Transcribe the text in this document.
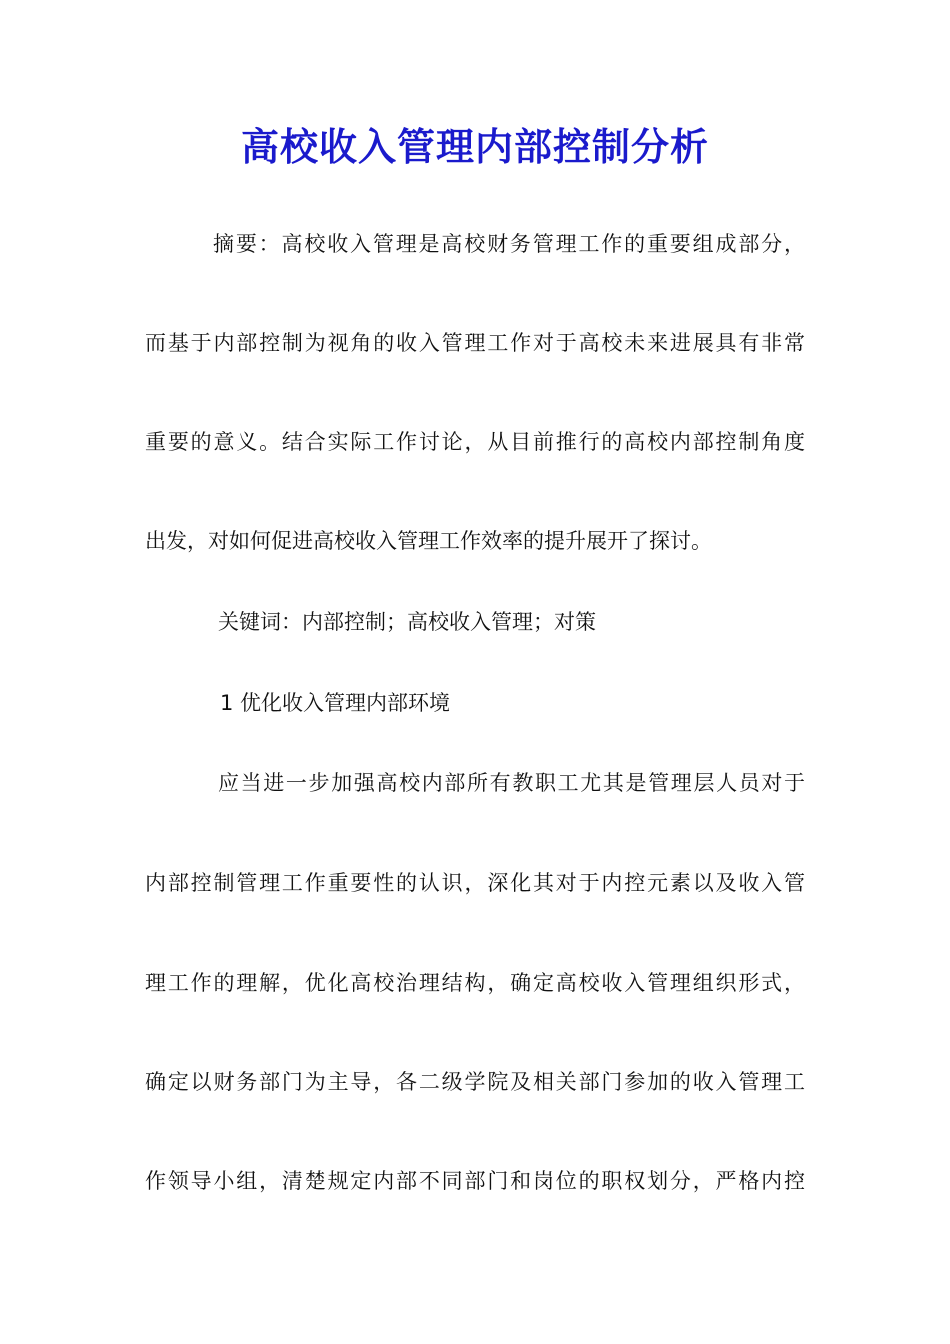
高校收入管理内部控制分析
摘要：高校收入管理是高校财务管理工作的重要组成部分，
而基于内部控制为视角的收入管理工作对于高校未来进展具有非常
重要的意义。结合实际工作讨论，从目前推行的高校内部控制角度
出发，对如何促进高校收入管理工作效率的提升展开了探讨。
关键词：内部控制；高校收入管理；对策
1 优化收入管理内部环境
应当进一步加强高校内部所有教职工尤其是管理层人员对于
内部控制管理工作重要性的认识，深化其对于内控元素以及收入管
理工作的理解，优化高校治理结构，确定高校收入管理组织形式，
确定以财务部门为主导，各二级学院及相关部门参加的收入管理工
作领导小组，清楚规定内部不同部门和岗位的职权划分，严格内控
